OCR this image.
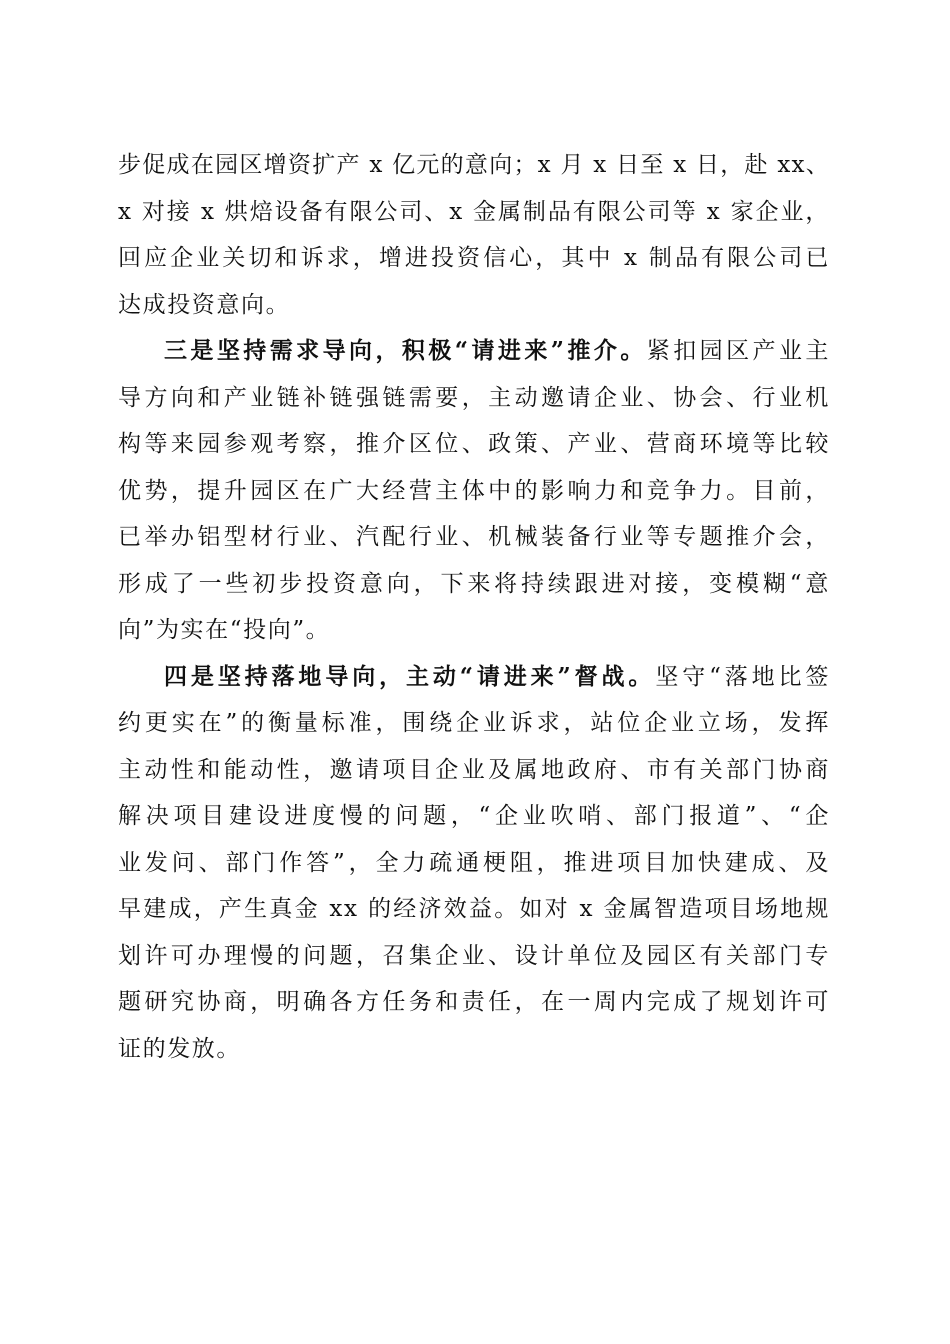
步促成在园区增资扩产 x 亿元的意向；x 月 x 日至 x 日，赴 xx、
x 对接 x 烘焙设备有限公司、x 金属制品有限公司等 x 家企业，
回应企业关切和诉求，增进投资信心，其中 x 制品有限公司已
达成投资意向。
三是坚持需求导向，积极“请进来”推介。紧扣园区产业主
导方向和产业链补链强链需要，主动邀请企业、协会、行业机
构等来园参观考察，推介区位、政策、产业、营商环境等比较
优势，提升园区在广大经营主体中的影响力和竞争力。目前，
已举办铝型材行业、汽配行业、机械装备行业等专题推介会，
形成了一些初步投资意向，下来将持续跟进对接，变模糊“意
向”为实在“投向”。
四是坚持落地导向，主动“请进来”督战。坚守“落地比签
约更实在”的衡量标准，围绕企业诉求，站位企业立场，发挥
主动性和能动性，邀请项目企业及属地政府、市有关部门协商
解决项目建设进度慢的问题，“企业吹哨、部门报道”、“企
业发问、部门作答”，全力疏通梗阻，推进项目加快建成、及
早建成，产生真金 xx 的经济效益。如对 x 金属智造项目场地规
划许可办理慢的问题，召集企业、设计单位及园区有关部门专
题研究协商，明确各方任务和责任，在一周内完成了规划许可
证的发放。
